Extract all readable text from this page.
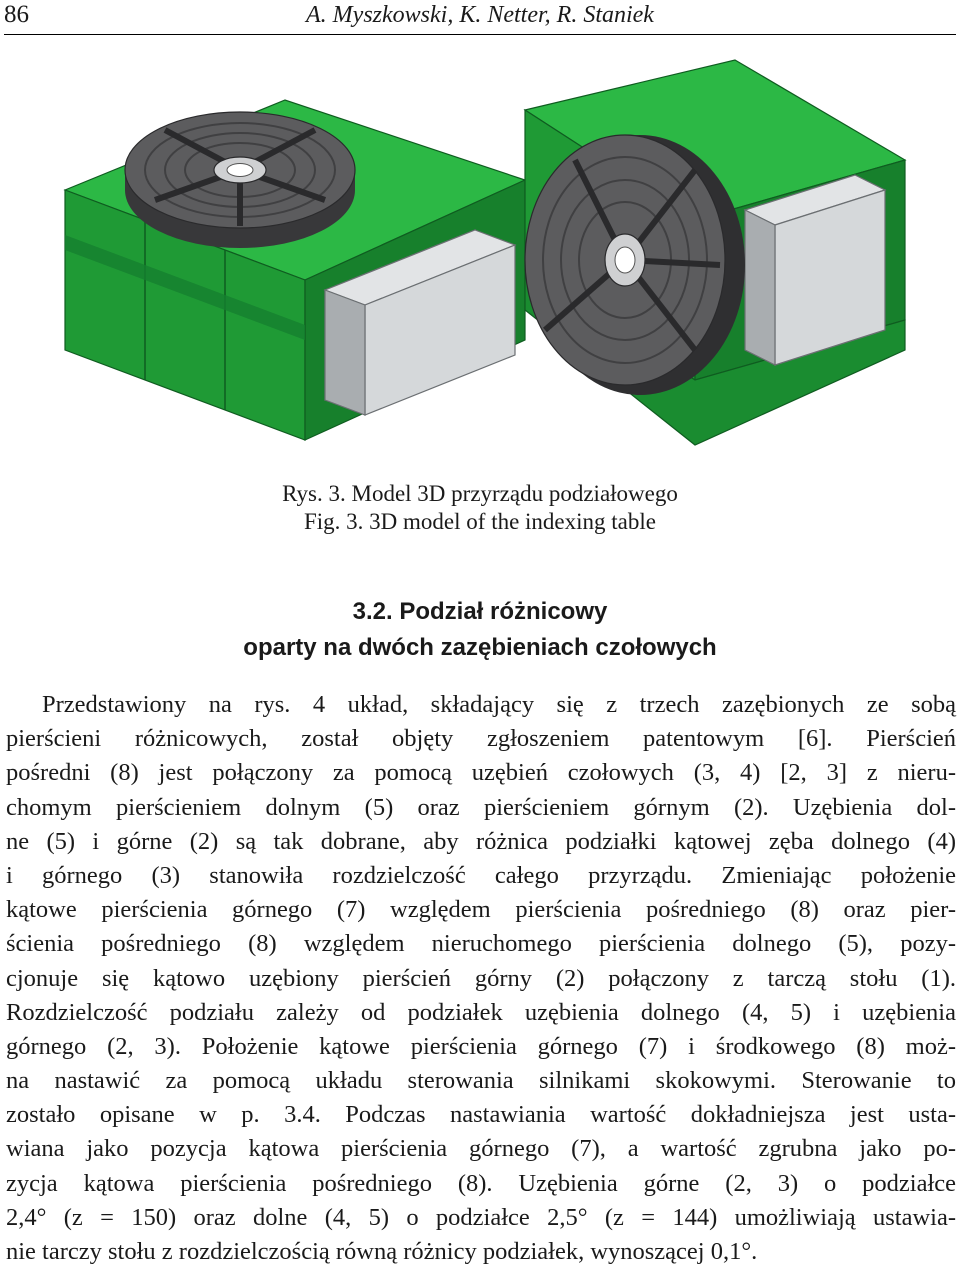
86	A. Myszkowski, K. Netter, R. Staniek
Rys. 3. Model 3D przyrządu podziałowego
Fig. 3. 3D model of the indexing table
3.2. Podział różnicowy
oparty na dwóch zazębieniach czołowych
Przedstawiony na rys. 4 układ, składający się z trzech zazębionych ze sobą
pierścieni różnicowych, został objęty zgłoszeniem patentowym [6]. Pierścień
pośredni (8) jest połączony za pomocą uzębień czołowych (3, 4) [2, 3] z nieru-
chomym pierścieniem dolnym (5) oraz pierścieniem górnym (2). Uzębienia dol-
ne (5) i górne (2) są tak dobrane, aby różnica podziałki kątowej zęba dolnego (4)
i górnego (3) stanowiła rozdzielczość całego przyrządu. Zmieniając położenie
kątowe pierścienia górnego (7) względem pierścienia pośredniego (8) oraz pier-
ścienia pośredniego (8) względem nieruchomego pierścienia dolnego (5), pozy-
cjonuje się kątowo uzębiony pierścień górny (2) połączony z tarczą stołu (1).
Rozdzielczość podziału zależy od podziałek uzębienia dolnego (4, 5) i uzębienia
górnego (2, 3). Położenie kątowe pierścienia górnego (7) i środkowego (8) moż-
na nastawić za pomocą układu sterowania silnikami skokowymi. Sterowanie to
zostało opisane w p. 3.4. Podczas nastawiania wartość dokładniejsza jest usta-
wiana jako pozycja kątowa pierścienia górnego (7), a wartość zgrubna jako po-
zycja kątowa pierścienia pośredniego (8). Uzębienia górne (2, 3) o podziałce
2,4° (z = 150) oraz dolne (4, 5) o podziałce 2,5° (z = 144) umożliwiają ustawia-
nie tarczy stołu z rozdzielczością równą różnicy podziałek, wynoszącej 0,1°.
